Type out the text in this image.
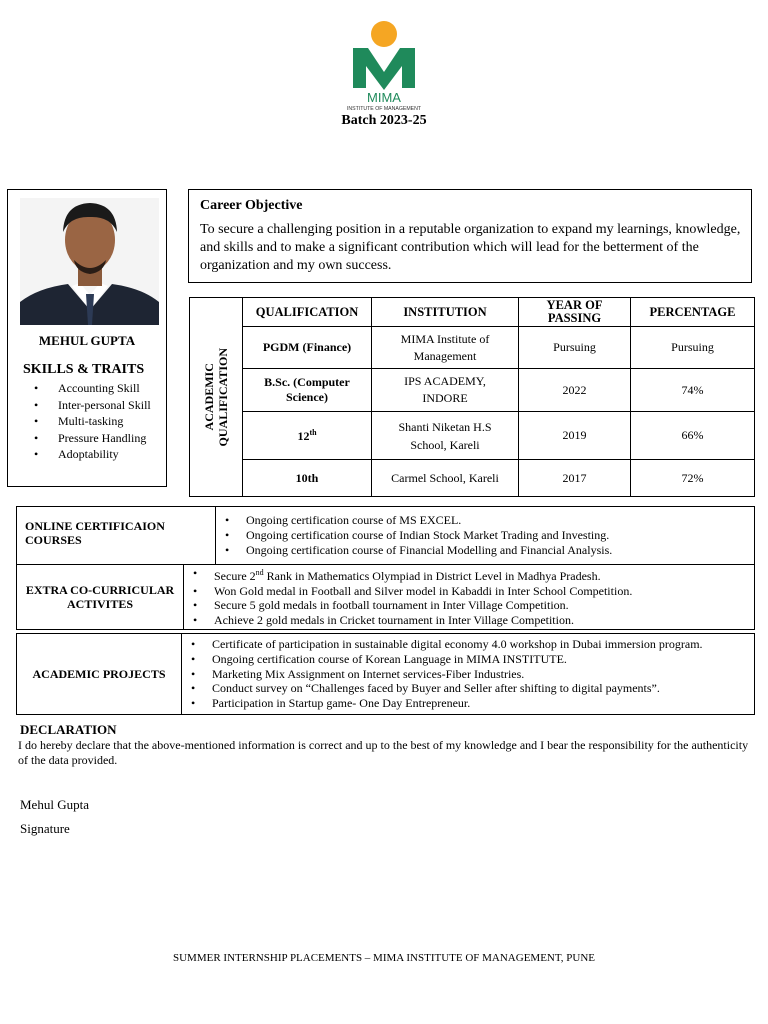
MIMA
INSTITUTE OF MANAGEMENT
Batch 2023-25
MEHUL GUPTA
SKILLS & TRAITS
• Accounting Skill
• Inter-personal Skill
• Multi-tasking
• Pressure Handling
• Adoptability
Career Objective
To secure a challenging position in a reputable organization to expand my learnings, knowledge, and skills and to make a significant contribution which will lead for the betterment of the organization and my own success.
ACADEMIC
QUALIFICATION	QUALIFICATION	INSTITUTION	YEAR OF PASSING	PERCENTAGE
	PGDM (Finance)	MIMA Institute of Management	Pursuing	Pursuing
	B.Sc. (Computer Science)	IPS ACADEMY, INDORE	2022	74%
	12th	Shanti Niketan H.S School, Kareli	2019	66%
	10th	Carmel School, Kareli	2017	72%
ONLINE CERTIFICAION COURSES	
• Ongoing certification course of MS EXCEL.
• Ongoing certification course of Indian Stock Market Trading and Investing.
• Ongoing certification course of Financial Modelling and Financial Analysis.
EXTRA CO-CURRICULAR ACTIVITES	
• Secure 2nd Rank in Mathematics Olympiad in District Level in Madhya Pradesh.
• Won Gold medal in Football and Silver model in Kabaddi in Inter School Competition.
• Secure 5 gold medals in football tournament in Inter Village Competition.
• Achieve 2 gold medals in Cricket tournament in Inter Village Competition.
ACADEMIC PROJECTS	
• Certificate of participation in sustainable digital economy 4.0 workshop in Dubai immersion program.
• Ongoing certification course of Korean Language in MIMA INSTITUTE.
• Marketing Mix Assignment on Internet services-Fiber Industries.
• Conduct survey on “Challenges faced by Buyer and Seller after shifting to digital payments”.
• Participation in Startup game- One Day Entrepreneur.
DECLARATION
I do hereby declare that the above-mentioned information is correct and up to the best of my knowledge and I bear the responsibility for the authenticity of the data provided.
Mehul Gupta
Signature
SUMMER INTERNSHIP PLACEMENTS – MIMA INSTITUTE OF MANAGEMENT, PUNE
